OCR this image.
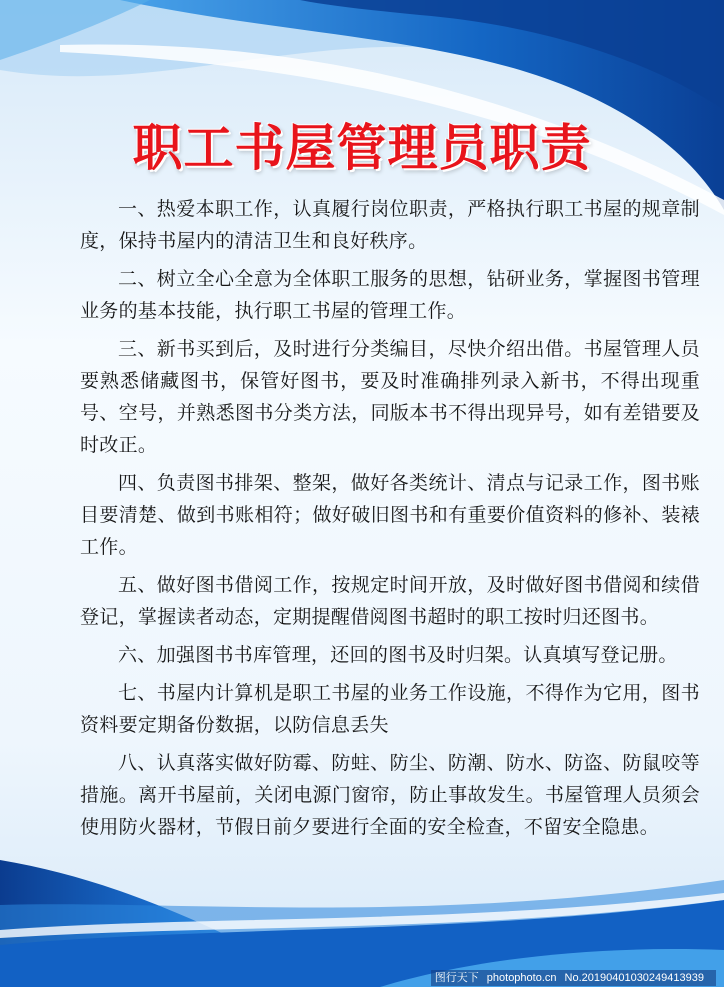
职工书屋管理员职责

一、热爱本职工作，认真履行岗位职责，严格执行职工书屋的规章制度，保持书屋内的清洁卫生和良好秩序。

二、树立全心全意为全体职工服务的思想，钻研业务，掌握图书管理业务的基本技能，执行职工书屋的管理工作。

三、新书买到后，及时进行分类编目，尽快介绍出借。书屋管理人员要熟悉储藏图书，保管好图书，要及时准确排列录入新书，不得出现重号、空号，并熟悉图书分类方法，同版本书不得出现异号，如有差错要及时改正。

四、负责图书排架、整架，做好各类统计、清点与记录工作，图书账目要清楚、做到书账相符；做好破旧图书和有重要价值资料的修补、装裱工作。

五、做好图书借阅工作，按规定时间开放，及时做好图书借阅和续借登记，掌握读者动态，定期提醒借阅图书超时的职工按时归还图书。

六、加强图书书库管理，还回的图书及时归架。认真填写登记册。

七、书屋内计算机是职工书屋的业务工作设施，不得作为它用，图书资料要定期备份数据，以防信息丢失

八、认真落实做好防霉、防蛀、防尘、防潮、防水、防盗、防鼠咬等措施。离开书屋前，关闭电源门窗帘，防止事故发生。书屋管理人员须会使用防火器材，节假日前夕要进行全面的安全检查，不留安全隐患。

图行天下 photophoto.cn No.20190401030249413939
